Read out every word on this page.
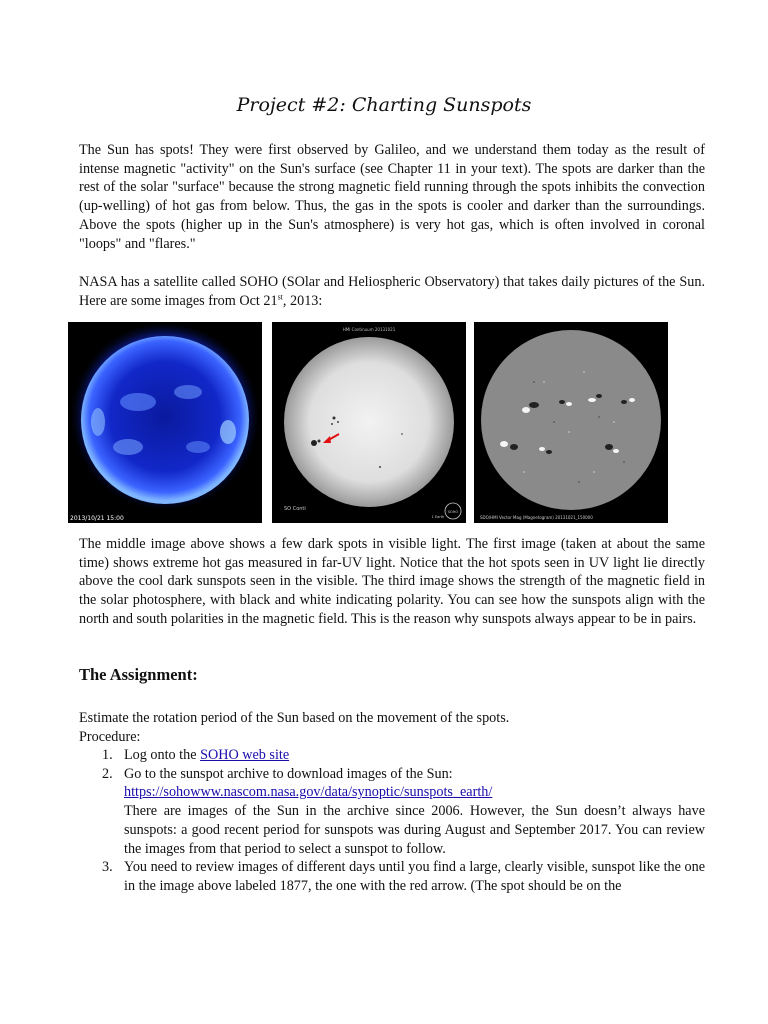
Project #2: Charting Sunspots

The Sun has spots! They were first observed by Galileo, and we understand them today as the result of intense magnetic "activity" on the Sun's surface (see Chapter 11 in your text). The spots are darker than the rest of the solar "surface" because the strong magnetic field running through the spots inhibits the convection (up-welling) of hot gas from below. Thus, the gas in the spots is cooler and darker than the surroundings. Above the spots (higher up in the Sun's atmosphere) is very hot gas, which is often involved in coronal "loops" and "flares."

NASA has a satellite called SOHO (SOlar and Heliospheric Observatory) that takes daily pictures of the Sun. Here are some images from Oct 21st, 2013:

2013/10/21 15:00
HMI Continuum 20131021
SO Conti	SOHO
1 Earth	SDO/HMI Vector Mag (Magnetogram) 20131021_150000

The middle image above shows a few dark spots in visible light. The first image (taken at about the same time) shows extreme hot gas measured in far-UV light. Notice that the hot spots seen in UV light lie directly above the cool dark sunspots seen in the visible. The third image shows the strength of the magnetic field in the solar photosphere, with black and white indicating polarity. You can see how the sunspots align with the north and south polarities in the magnetic field. This is the reason why sunspots always appear to be in pairs.

The Assignment:

Estimate the rotation period of the Sun based on the movement of the spots.

Procedure:

1. Log onto the SOHO web site
2. Go to the sunspot archive to download images of the Sun:
https://sohowww.nascom.nasa.gov/data/synoptic/sunspots_earth/
There are images of the Sun in the archive since 2006. However, the Sun doesn’t always have sunspots: a good recent period for sunspots was during August and September 2017. You can review the images from that period to select a sunspot to follow.
3. You need to review images of different days until you find a large, clearly visible, sunspot like the one in the image above labeled 1877, the one with the red arrow. (The spot should be on the
